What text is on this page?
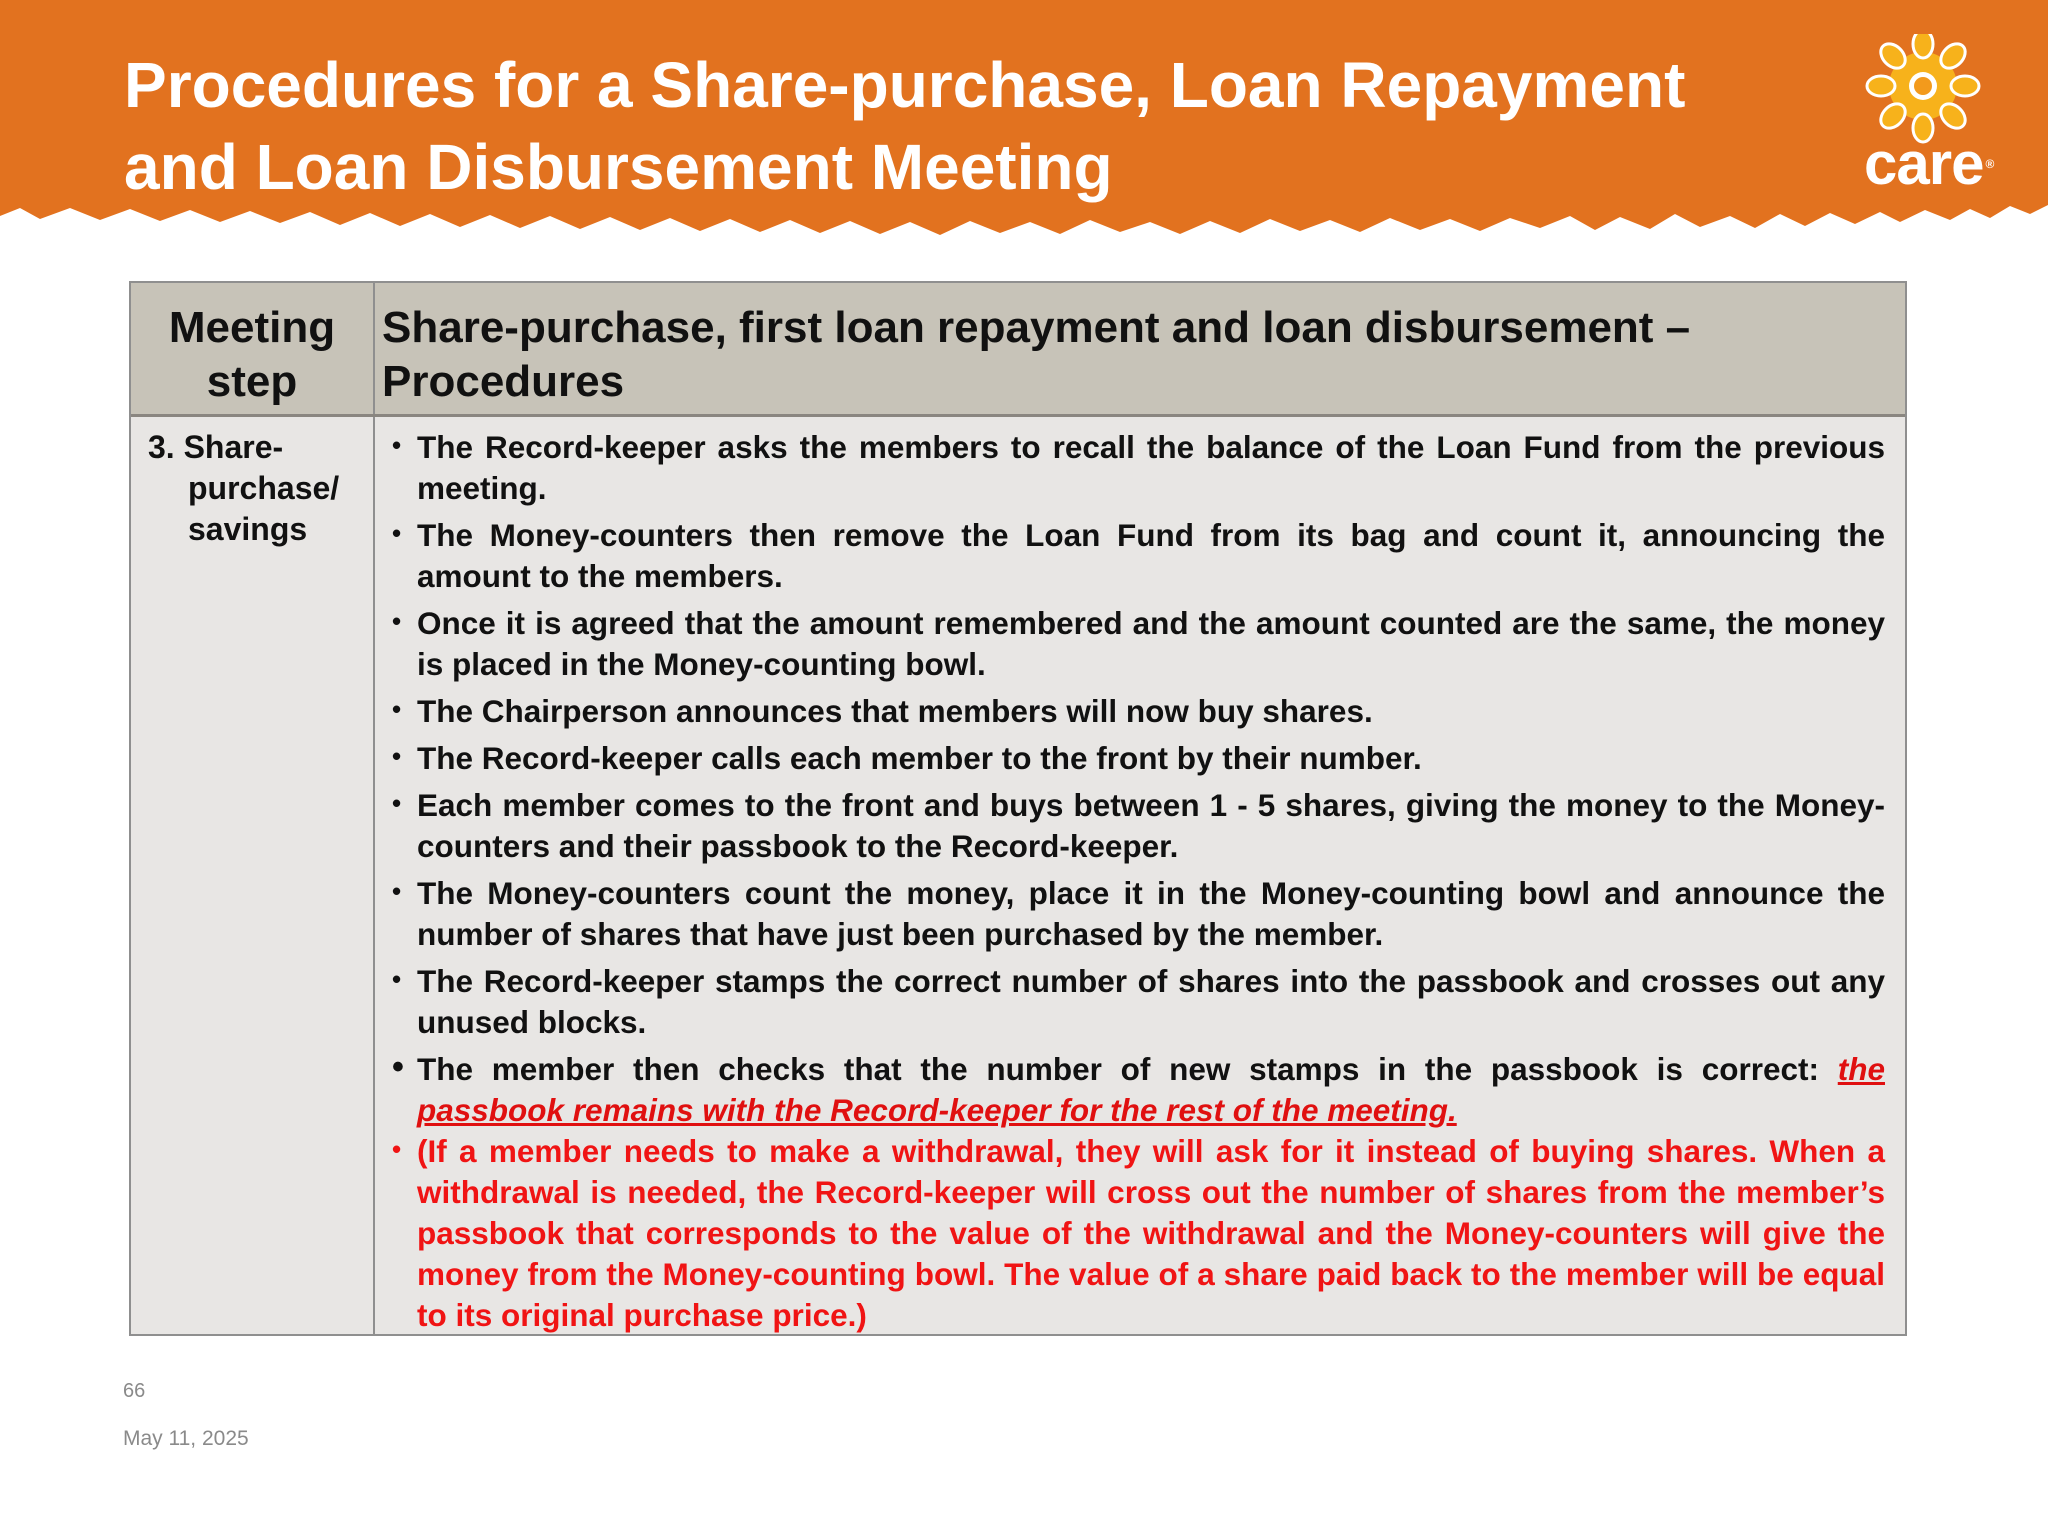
Procedures for a Share-purchase, Loan Repayment
and Loan Disbursement Meeting	care ®
Meeting step
Share-purchase, first loan repayment and loan disbursement – Procedures
3. Share-purchase/ savings
• The Record-keeper asks the members to recall the balance of the Loan Fund from the previous meeting.
• The Money-counters then remove the Loan Fund from its bag and count it, announcing the amount to the members.
• Once it is agreed that the amount remembered and the amount counted are the same, the money is placed in the Money-counting bowl.
• The Chairperson announces that members will now buy shares.
• The Record-keeper calls each member to the front by their number.
• Each member comes to the front and buys between 1 - 5 shares, giving the money to the Money-counters and their passbook to the Record-keeper.
• The Money-counters count the money, place it in the Money-counting bowl and announce the number of shares that have just been purchased by the member.
• The Record-keeper stamps the correct number of shares into the passbook and crosses out any unused blocks.
• The member then checks that the number of new stamps in the passbook is correct: the passbook remains with the Record-keeper for the rest of the meeting.
• (If a member needs to make a withdrawal, they will ask for it instead of buying shares. When a withdrawal is needed, the Record-keeper will cross out the number of shares from the member’s passbook that corresponds to the value of the withdrawal and the Money-counters will give the money from the Money-counting bowl. The value of a share paid back to the member will be equal to its original purchase price.)
66
May 11, 2025
